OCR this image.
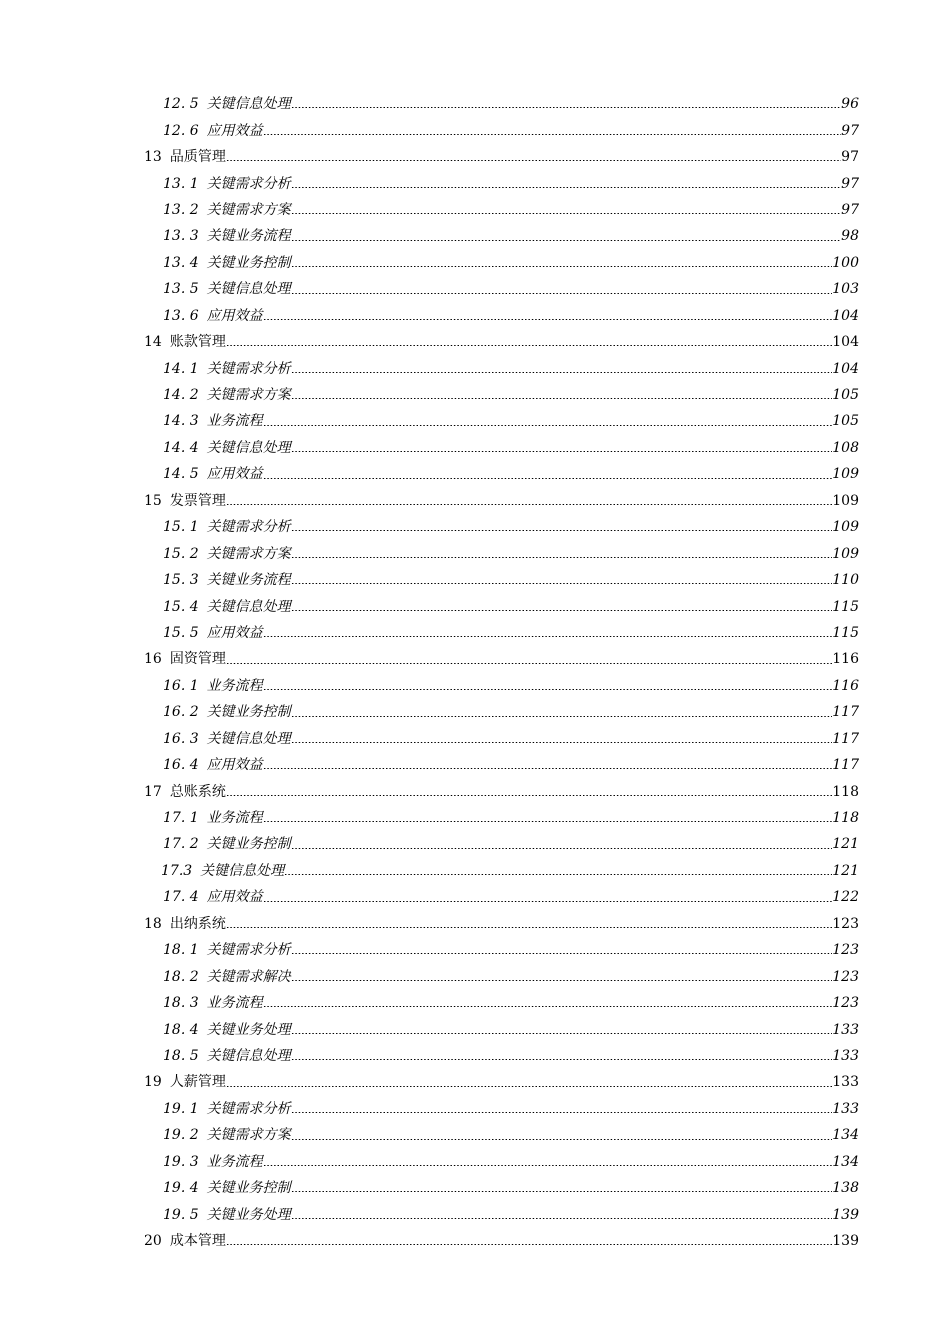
12. 5 关键信息处理	96
12. 6 应用效益	97
13 品质管理	97
13. 1 关键需求分析	97
13. 2 关键需求方案	97
13. 3 关键业务流程	98
13. 4 关键业务控制	100
13. 5 关键信息处理	103
13. 6 应用效益	104
14 账款管理	104
14. 1 关键需求分析	104
14. 2 关键需求方案	105
14. 3 业务流程	105
14. 4 关键信息处理	108
14. 5 应用效益	109
15 发票管理	109
15. 1 关键需求分析	109
15. 2 关键需求方案	109
15. 3 关键业务流程	110
15. 4 关键信息处理	115
15. 5 应用效益	115
16 固资管理	116
16. 1 业务流程	116
16. 2 关键业务控制	117
16. 3 关键信息处理	117
16. 4 应用效益	117
17 总账系统	118
17. 1 业务流程	118
17. 2 关键业务控制	121
17.3 关键信息处理	121
17. 4 应用效益	122
18 出纳系统	123
18. 1 关键需求分析	123
18. 2 关键需求解决	123
18. 3 业务流程	123
18. 4 关键业务处理	133
18. 5 关键信息处理	133
19 人薪管理	133
19. 1 关键需求分析	133
19. 2 关键需求方案	134
19. 3 业务流程	134
19. 4 关键业务控制	138
19. 5 关键业务处理	139
20 成本管理	139
